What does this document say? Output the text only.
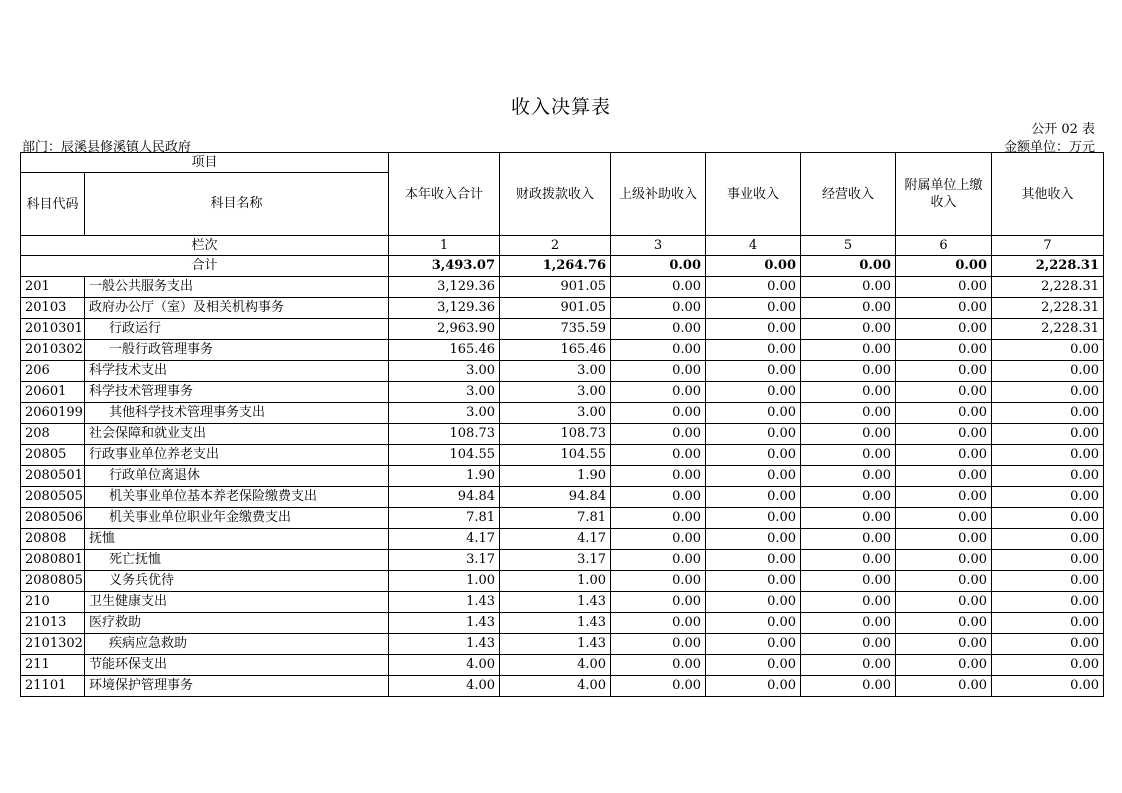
收入决算表
公开 02 表
部门：辰溪县修溪镇人民政府	金额单位：万元
项目		本年收入合计	财政拨款收入	上级补助收入	事业收入	经营收入	附属单位上缴收入	其他收入
科目代码	科目名称							
栏次		1	2	3	4	5	6	7
合计		3,493.07	1,264.76	0.00	0.00	0.00	0.00	2,228.31
201	一般公共服务支出	3,129.36	901.05	0.00	0.00	0.00	0.00	2,228.31
20103	政府办公厅（室）及相关机构事务	3,129.36	901.05	0.00	0.00	0.00	0.00	2,228.31
2010301	行政运行	2,963.90	735.59	0.00	0.00	0.00	0.00	2,228.31
2010302	一般行政管理事务	165.46	165.46	0.00	0.00	0.00	0.00	0.00
206	科学技术支出	3.00	3.00	0.00	0.00	0.00	0.00	0.00
20601	科学技术管理事务	3.00	3.00	0.00	0.00	0.00	0.00	0.00
2060199	其他科学技术管理事务支出	3.00	3.00	0.00	0.00	0.00	0.00	0.00
208	社会保障和就业支出	108.73	108.73	0.00	0.00	0.00	0.00	0.00
20805	行政事业单位养老支出	104.55	104.55	0.00	0.00	0.00	0.00	0.00
2080501	行政单位离退休	1.90	1.90	0.00	0.00	0.00	0.00	0.00
2080505	机关事业单位基本养老保险缴费支出	94.84	94.84	0.00	0.00	0.00	0.00	0.00
2080506	机关事业单位职业年金缴费支出	7.81	7.81	0.00	0.00	0.00	0.00	0.00
20808	抚恤	4.17	4.17	0.00	0.00	0.00	0.00	0.00
2080801	死亡抚恤	3.17	3.17	0.00	0.00	0.00	0.00	0.00
2080805	义务兵优待	1.00	1.00	0.00	0.00	0.00	0.00	0.00
210	卫生健康支出	1.43	1.43	0.00	0.00	0.00	0.00	0.00
21013	医疗救助	1.43	1.43	0.00	0.00	0.00	0.00	0.00
2101302	疾病应急救助	1.43	1.43	0.00	0.00	0.00	0.00	0.00
211	节能环保支出	4.00	4.00	0.00	0.00	0.00	0.00	0.00
21101	环境保护管理事务	4.00	4.00	0.00	0.00	0.00	0.00	0.00
